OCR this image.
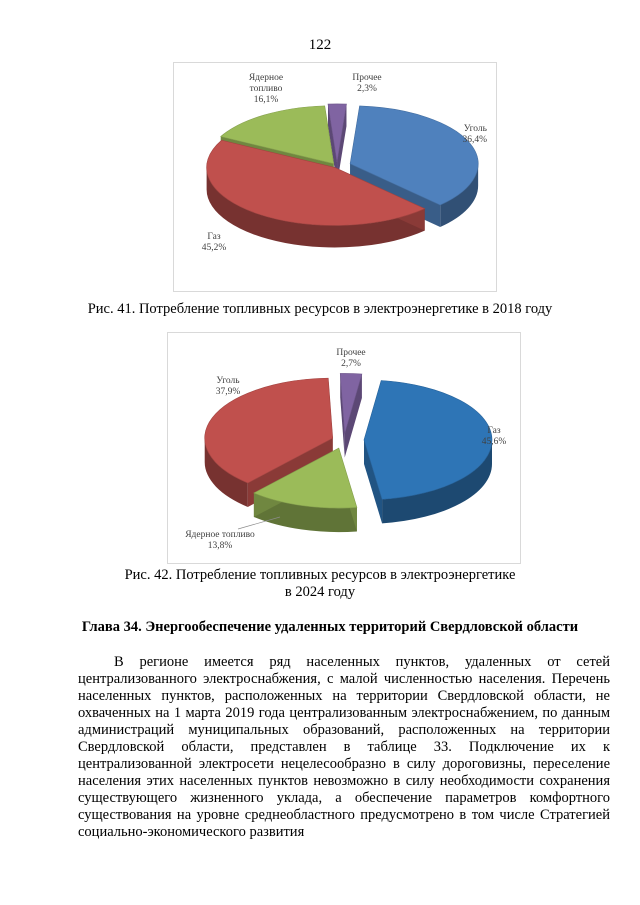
122
Ядерное топливо 16,1%
Прочее 2,3%
Уголь 36,4%
Газ 45,2%
Рис. 41. Потребление топливных ресурсов в электроэнергетике в 2018 году
Прочее 2,7%
Газ 45,6%
Ядерное топливо 13,8%
Уголь 37,9%
Рис. 42. Потребление топливных ресурсов в электроэнергетике
в 2024 году
Глава 34. Энергообеспечение удаленных территорий Свердловской области
В регионе имеется ряд населенных пунктов, удаленных от сетей централизованного электроснабжения, с малой численностью населения. Перечень населенных пунктов, расположенных на территории Свердловской области, не охваченных на 1 марта 2019 года централизованным электроснабжением, по данным администраций муниципальных образований, расположенных на территории Свердловской области, представлен в таблице 33. Подключение их к централизованной электросети нецелесообразно в силу дороговизны, переселение населения этих населенных пунктов невозможно в силу необходимости сохранения существующего жизненного уклада, а обеспечение параметров комфортного существования на уровне среднеобластного предусмотрено в том числе Стратегией социально-экономического развития
